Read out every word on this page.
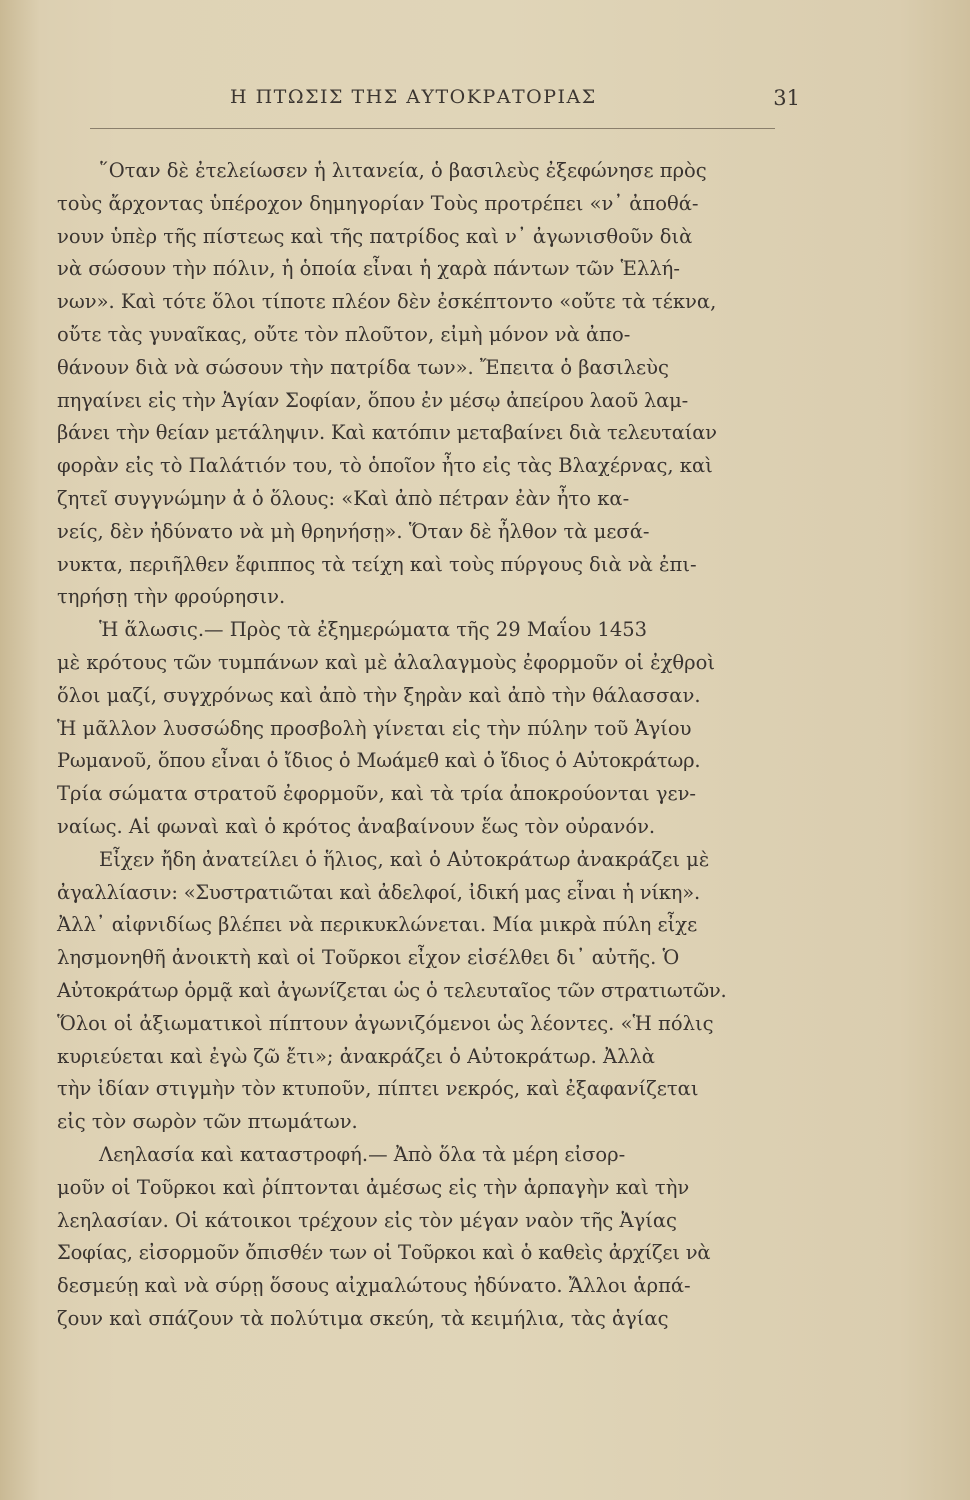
Η ΠΤΩΣΙΣ ΤΗΣ ΑΥΤΟΚΡΑΤΟΡΙΑΣ	31
῞Οταν δὲ ἐτελείωσεν ἡ λιτανεία, ὁ βασιλεὺς ἐξεφώνησε πρὸς
τοὺς ἄρχοντας ὑπέροχον δημηγορίαν Τοὺς προτρέπει «ν᾽ ἀποθά-
νουν ὑπὲρ τῆς πίστεως καὶ τῆς πατρίδος καὶ ν᾽ ἀγωνισθοῦν διὰ
νὰ σώσουν τὴν πόλιν, ἡ ὁποία εἶναι ἡ χαρὰ πάντων τῶν Ἑλλή-
νων». Καὶ τότε ὅλοι τίποτε πλέον δὲν ἐσκέπτοντο «οὔτε τὰ τέκνα,
οὔτε τὰς γυναῖκας, οὔτε τὸν πλοῦτον, εἰμὴ μόνον νὰ ἀπο-
θάνουν διὰ νὰ σώσουν τὴν πατρίδα των». Ἔπειτα ὁ βασιλεὺς
πηγαίνει εἰς τὴν Ἁγίαν Σοφίαν, ὅπου ἐν μέσῳ ἀπείρου λαοῦ λαμ-
βάνει τὴν θείαν μετάληψιν. Καὶ κατόπιν μεταβαίνει διὰ τελευταίαν
φορὰν εἰς τὸ Παλάτιόν του, τὸ ὁποῖον ἦτο εἰς τὰς Βλαχέρνας, καὶ
ζητεῖ συγγνώμην ἀ ὁ ὅλους: «Καὶ ἀπὸ πέτραν ἐὰν ἦτο κα-
νείς, δὲν ἠδύνατο νὰ μὴ θρηνήσῃ». Ὅταν δὲ ἦλθον τὰ μεσά-
νυκτα, περιῆλθεν ἔφιππος τὰ τείχη καὶ τοὺς πύργους διὰ νὰ ἐπι-
τηρήσῃ τὴν φρούρησιν.
Ἡ ἅλωσις.— Πρὸς τὰ ἐξημερώματα τῆς 29 Μαΐου 1453
μὲ κρότους τῶν τυμπάνων καὶ μὲ ἀλαλαγμοὺς ἐφορμοῦν οἱ ἐχθροὶ
ὅλοι μαζί, συγχρόνως καὶ ἀπὸ τὴν ξηρὰν καὶ ἀπὸ τὴν θάλασσαν.
Ἡ μᾶλλον λυσσώδης προσβολὴ γίνεται εἰς τὴν πύλην τοῦ Ἁγίου
Ρωμανοῦ, ὅπου εἶναι ὁ ἴδιος ὁ Μωάμεθ καὶ ὁ ἴδιος ὁ Αὐτοκράτωρ.
Τρία σώματα στρατοῦ ἐφορμοῦν, καὶ τὰ τρία ἀποκρούονται γεν-
ναίως. Αἱ φωναὶ καὶ ὁ κρότος ἀναβαίνουν ἕως τὸν οὐρανόν.
Εἶχεν ἤδη ἀνατείλει ὁ ἥλιος, καὶ ὁ Αὐτοκράτωρ ἀνακράζει μὲ
ἀγαλλίασιν: «Συστρατιῶται καὶ ἀδελφοί, ἰδική μας εἶναι ἡ νίκη».
Ἀλλ᾽ αἰφνιδίως βλέπει νὰ περικυκλώνεται. Μία μικρὰ πύλη εἶχε
λησμονηθῆ ἀνοικτὴ καὶ οἱ Τοῦρκοι εἶχον εἰσέλθει δι᾽ αὐτῆς. Ὁ
Αὐτοκράτωρ ὁρμᾷ καὶ ἀγωνίζεται ὡς ὁ τελευταῖος τῶν στρατιωτῶν.
Ὅλοι οἱ ἀξιωματικοὶ πίπτουν ἀγωνιζόμενοι ὡς λέοντες. «Ἡ πόλις
κυριεύεται καὶ ἐγὼ ζῶ ἔτι»; ἀνακράζει ὁ Αὐτοκράτωρ. Ἀλλὰ
τὴν ἰδίαν στιγμὴν τὸν κτυποῦν, πίπτει νεκρός, καὶ ἐξαφανίζεται
εἰς τὸν σωρὸν τῶν πτωμάτων.
Λεηλασία καὶ καταστροφή.— Ἀπὸ ὅλα τὰ μέρη εἰσορ-
μοῦν οἱ Τοῦρκοι καὶ ῥίπτονται ἀμέσως εἰς τὴν ἁρπαγὴν καὶ τὴν
λεηλασίαν. Οἱ κάτοικοι τρέχουν εἰς τὸν μέγαν ναὸν τῆς Ἁγίας
Σοφίας, εἰσορμοῦν ὄπισθέν των οἱ Τοῦρκοι καὶ ὁ καθεὶς ἀρχίζει νὰ
δεσμεύῃ καὶ νὰ σύρῃ ὅσους αἰχμαλώτους ἠδύνατο. Ἄλλοι ἁρπά-
ζουν καὶ σπάζουν τὰ πολύτιμα σκεύη, τὰ κειμήλια, τὰς ἁγίας
